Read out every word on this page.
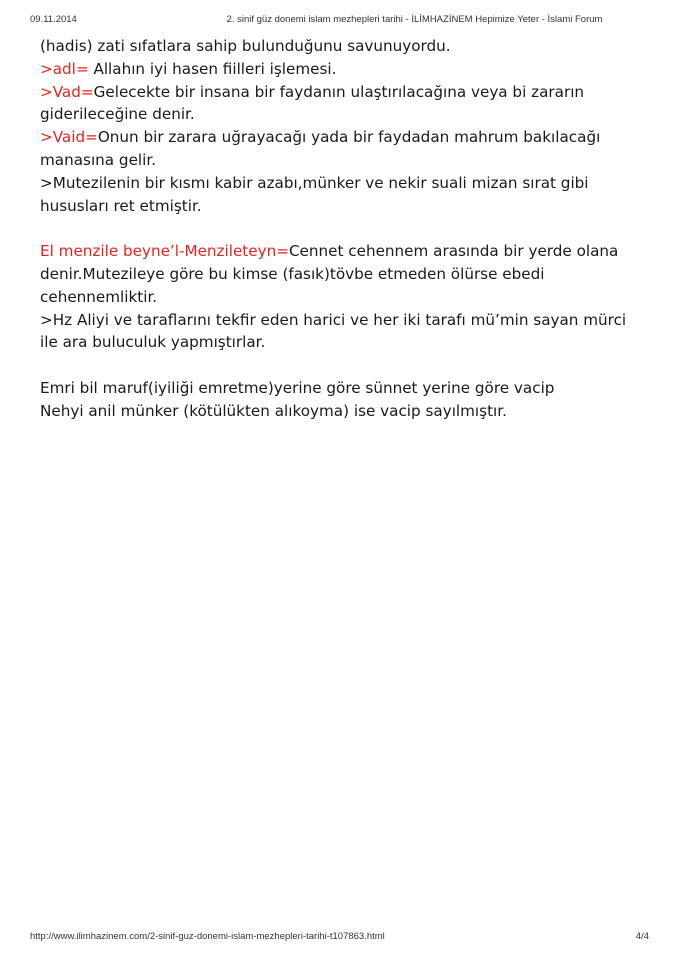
09.11.2014	2. sinif güz donemi islam mezhepleri tarihi - İLİMHAZİNEM Hepimize Yeter - İslami Forum
(hadis) zati sıfatlara sahip bulunduğunu savunuyordu.
>adl= Allahın iyi hasen fiilleri işlemesi.
>Vad=Gelecekte bir insana bir faydanın ulaştırılacağına veya bi zararın
giderileceğine denir.
>Vaid=Onun bir zarara uğrayacağı yada bir faydadan mahrum bakılacağı
manasına gelir.
>Mutezilenin bir kısmı kabir azabı,münker ve nekir suali mizan sırat gibi
hususları ret etmiştir.
El menzile beyne’l-Menzileteyn=Cennet cehennem arasında bir yerde olana
denir.Mutezileye göre bu kimse (fasık)tövbe etmeden ölürse ebedi
cehennemliktir.
>Hz Aliyi ve taraflarını tekfir eden harici ve her iki tarafı mü’min sayan mürci
ile ara buluculuk yapmıştırlar.
Emri bil maruf(iyiliği emretme)yerine göre sünnet yerine göre vacip
Nehyi anil münker (kötülükten alıkoyma) ise vacip sayılmıştır.
http://www.ilimhazinem.com/2-sinif-guz-donemi-islam-mezhepleri-tarihi-t107863.html	4/4
